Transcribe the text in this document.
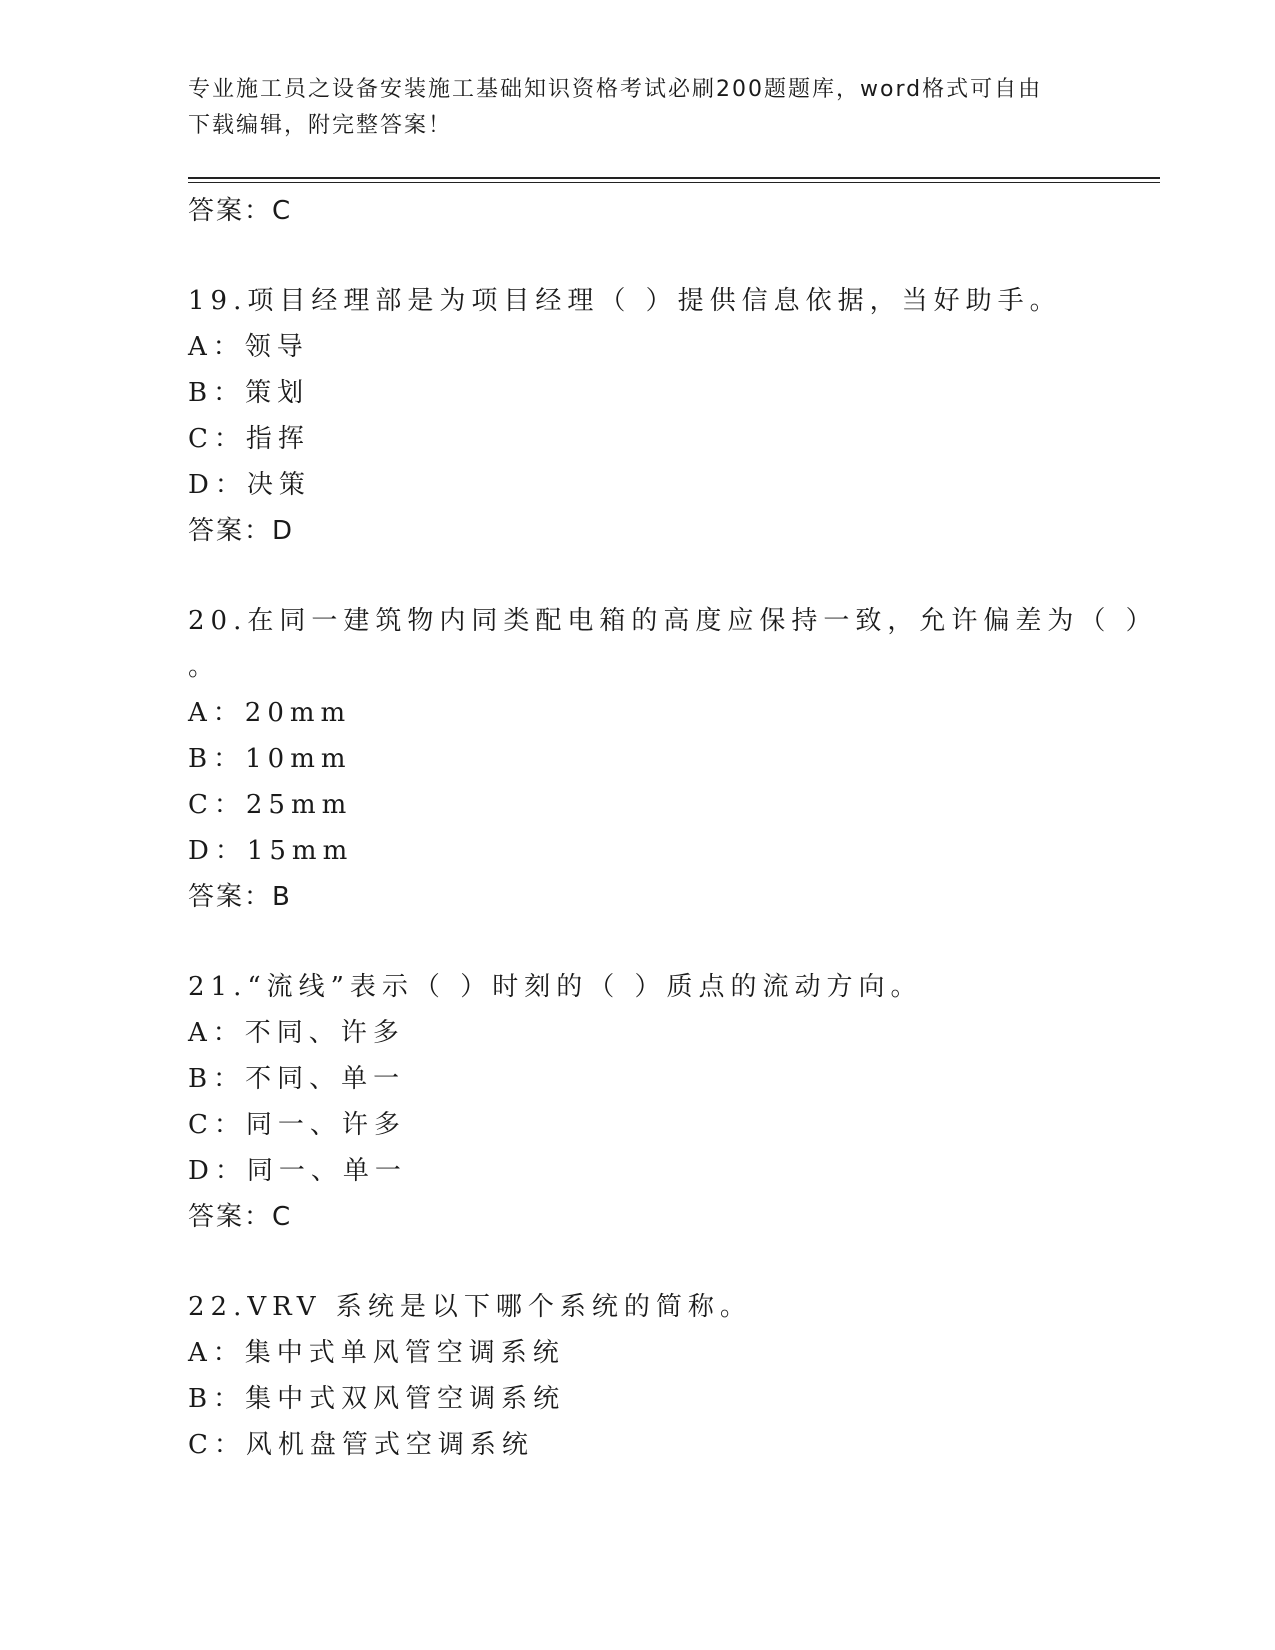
专业施工员之设备安装施工基础知识资格考试必刷200题题库，word格式可自由
下载编辑，附完整答案！
答案：C
19.项目经理部是为项目经理（ ）提供信息依据，当好助手。
A：领导
B：策划
C：指挥
D：决策
答案：D
20.在同一建筑物内同类配电箱的高度应保持一致，允许偏差为（ ）
。
A：20mm
B：10mm
C：25mm
D：15mm
答案：B
21.“流线”表示（ ）时刻的（ ）质点的流动方向。
A：不同、许多
B：不同、单一
C：同一、许多
D：同一、单一
答案：C
22.VRV 系统是以下哪个系统的简称。
A：集中式单风管空调系统
B：集中式双风管空调系统
C：风机盘管式空调系统
